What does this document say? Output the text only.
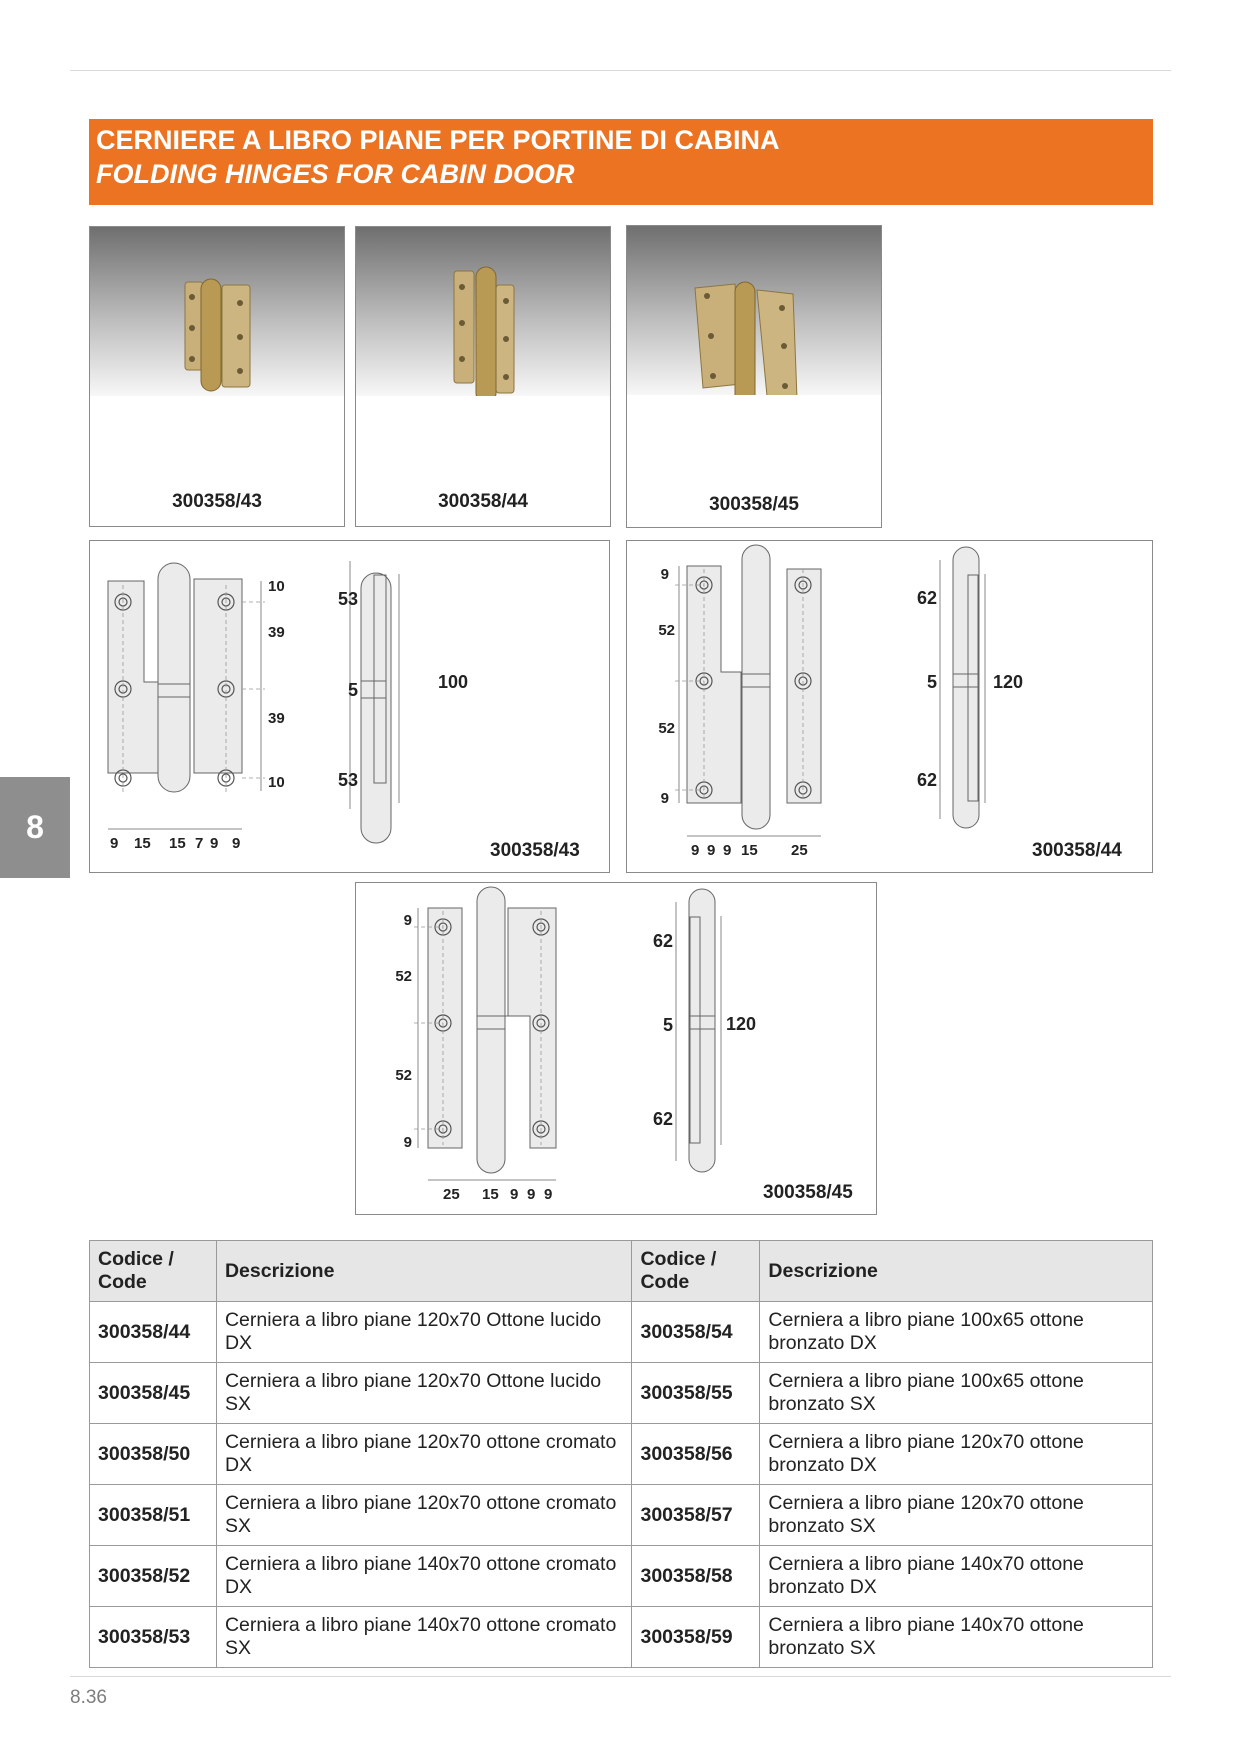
CERNIERE A LIBRO PIANE PER PORTINE DI CABINA
FOLDING HINGES FOR CABIN DOOR
300358/43	300358/44	300358/45
10
39
39
10
9 15 15 7 9 9
53
5
53
100
300358/43
9
52
52
9
9 9 9 15 25
62
5
62
120
300358/44
9
52
52
9
25 15 9 9 9
62
5
62
120
300358/45
8
Codice / Code	Descrizione	Codice / Code	Descrizione
300358/44	Cerniera a libro piane 120x70 Ottone lucido DX	300358/54	Cerniera a libro piane 100x65 ottone bronzato DX
300358/45	Cerniera a libro piane 120x70 Ottone lucido SX	300358/55	Cerniera a libro piane 100x65 ottone bronzato SX
300358/50	Cerniera a libro piane 120x70 ottone cromato DX	300358/56	Cerniera a libro piane 120x70 ottone bronzato DX
300358/51	Cerniera a libro piane 120x70 ottone cromato SX	300358/57	Cerniera a libro piane 120x70 ottone bronzato SX
300358/52	Cerniera a libro piane 140x70 ottone cromato DX	300358/58	Cerniera a libro piane 140x70 ottone bronzato DX
300358/53	Cerniera a libro piane 140x70 ottone cromato SX	300358/59	Cerniera a libro piane 140x70 ottone bronzato SX
8.36
